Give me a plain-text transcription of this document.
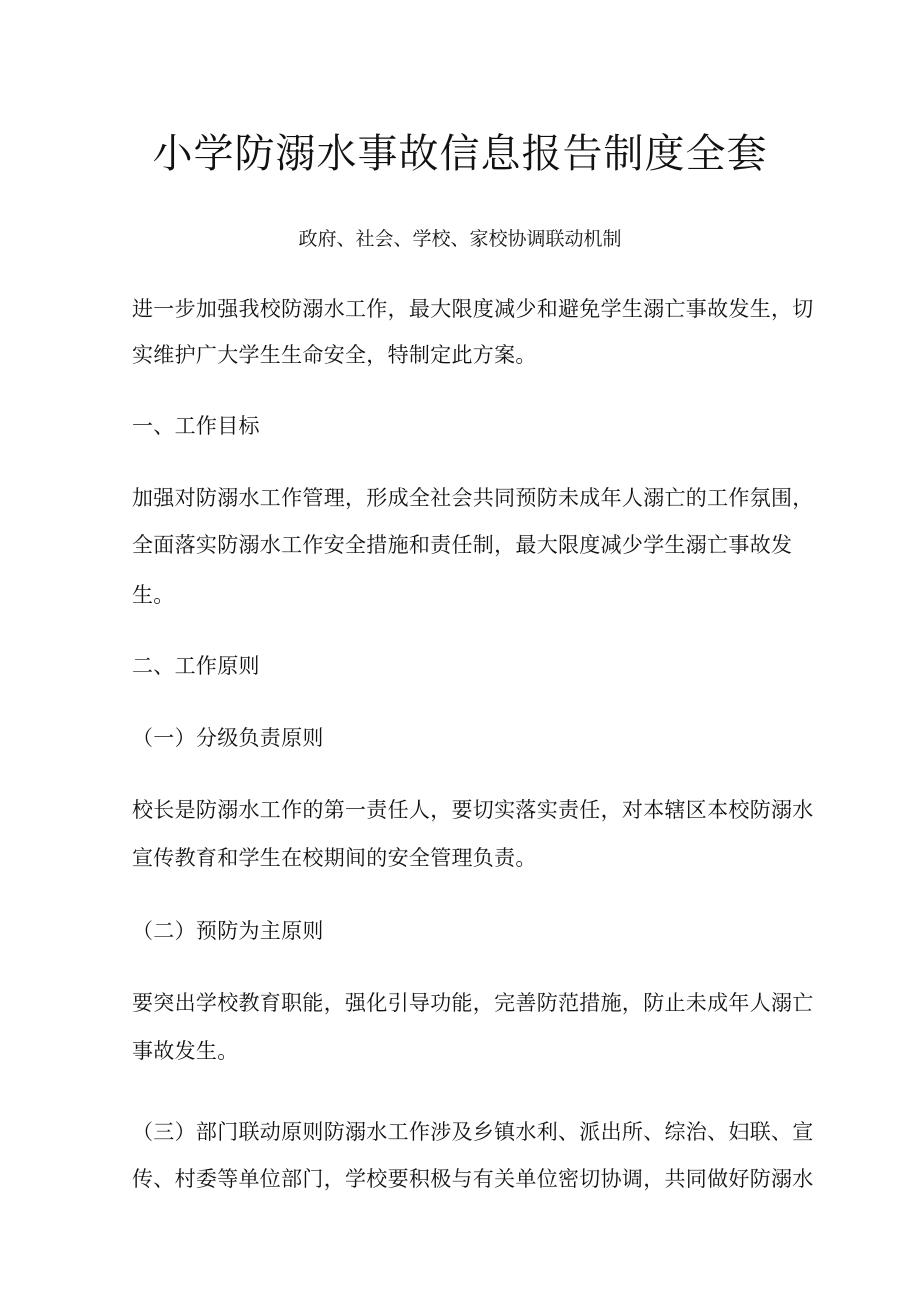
小学防溺水事故信息报告制度全套
政府、社会、学校、家校协调联动机制
进一步加强我校防溺水工作，最大限度减少和避免学生溺亡事故发生，切
实维护广大学生生命安全，特制定此方案。
一、工作目标
加强对防溺水工作管理，形成全社会共同预防未成年人溺亡的工作氛围，
全面落实防溺水工作安全措施和责任制，最大限度减少学生溺亡事故发
生。
二、工作原则
（一）分级负责原则
校长是防溺水工作的第一责任人，要切实落实责任，对本辖区本校防溺水
宣传教育和学生在校期间的安全管理负责。
（二）预防为主原则
要突出学校教育职能，强化引导功能，完善防范措施，防止未成年人溺亡
事故发生。
（三）部门联动原则防溺水工作涉及乡镇水利、派出所、综治、妇联、宣
传、村委等单位部门，学校要积极与有关单位密切协调，共同做好防溺水
